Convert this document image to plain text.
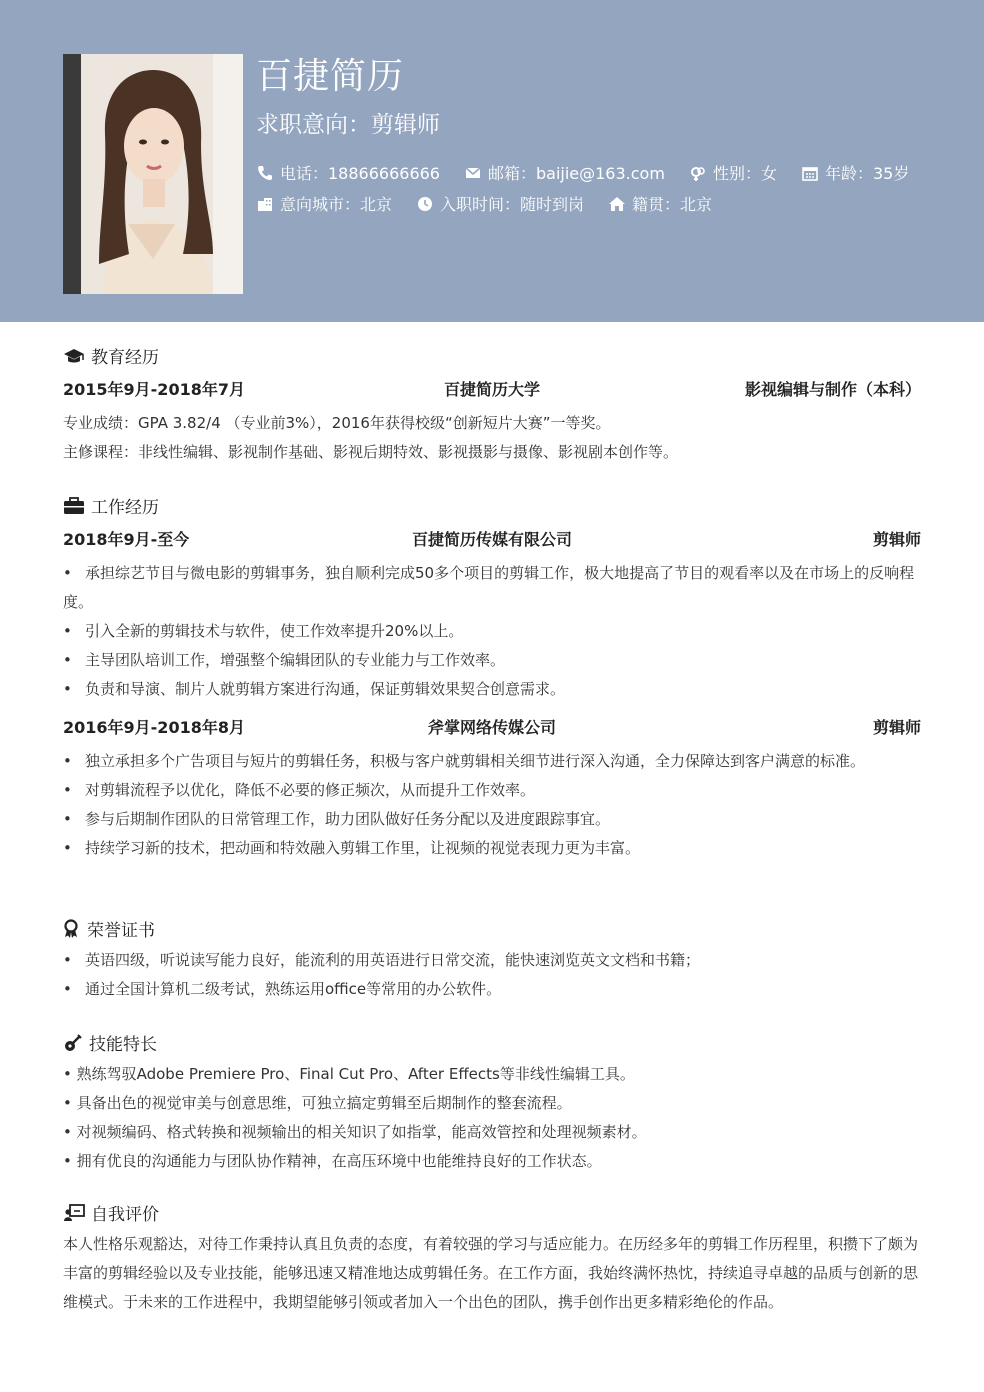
百捷简历
求职意向：剪辑师
电话：18866666666	邮箱：baijie@163.com	性别：女	年龄：35岁
意向城市：北京	入职时间：随时到岗	籍贯：北京
教育经历
2015年9月-2018年7月	百捷简历大学	影视编辑与制作（本科）
专业成绩：GPA 3.82/4 （专业前3%），2016年获得校级“创新短片大赛”一等奖。
主修课程：非线性编辑、影视制作基础、影视后期特效、影视摄影与摄像、影视剧本创作等。
工作经历
2018年9月-至今	百捷简历传媒有限公司	剪辑师
• 承担综艺节目与微电影的剪辑事务，独自顺利完成50多个项目的剪辑工作，极大地提高了节目的观看率以及在市场上的反响程度。
• 引入全新的剪辑技术与软件，使工作效率提升20%以上。
• 主导团队培训工作，增强整个编辑团队的专业能力与工作效率。
• 负责和导演、制片人就剪辑方案进行沟通，保证剪辑效果契合创意需求。
2016年9月-2018年8月	斧掌网络传媒公司	剪辑师
• 独立承担多个广告项目与短片的剪辑任务，积极与客户就剪辑相关细节进行深入沟通，全力保障达到客户满意的标准。
• 对剪辑流程予以优化，降低不必要的修正频次，从而提升工作效率。
• 参与后期制作团队的日常管理工作，助力团队做好任务分配以及进度跟踪事宜。
• 持续学习新的技术，把动画和特效融入剪辑工作里，让视频的视觉表现力更为丰富。
荣誉证书
• 英语四级，听说读写能力良好，能流利的用英语进行日常交流，能快速浏览英文文档和书籍；
• 通过全国计算机二级考试，熟练运用office等常用的办公软件。
技能特长
• 熟练驾驭Adobe Premiere Pro、Final Cut Pro、After Effects等非线性编辑工具。
• 具备出色的视觉审美与创意思维，可独立搞定剪辑至后期制作的整套流程。
• 对视频编码、格式转换和视频输出的相关知识了如指掌，能高效管控和处理视频素材。
• 拥有优良的沟通能力与团队协作精神，在高压环境中也能维持良好的工作状态。
自我评价
本人性格乐观豁达，对待工作秉持认真且负责的态度，有着较强的学习与适应能力。在历经多年的剪辑工作历程里，积攒下了颇为丰富的剪辑经验以及专业技能，能够迅速又精准地达成剪辑任务。在工作方面，我始终满怀热忱，持续追寻卓越的品质与创新的思维模式。于未来的工作进程中，我期望能够引领或者加入一个出色的团队，携手创作出更多精彩绝伦的作品。
